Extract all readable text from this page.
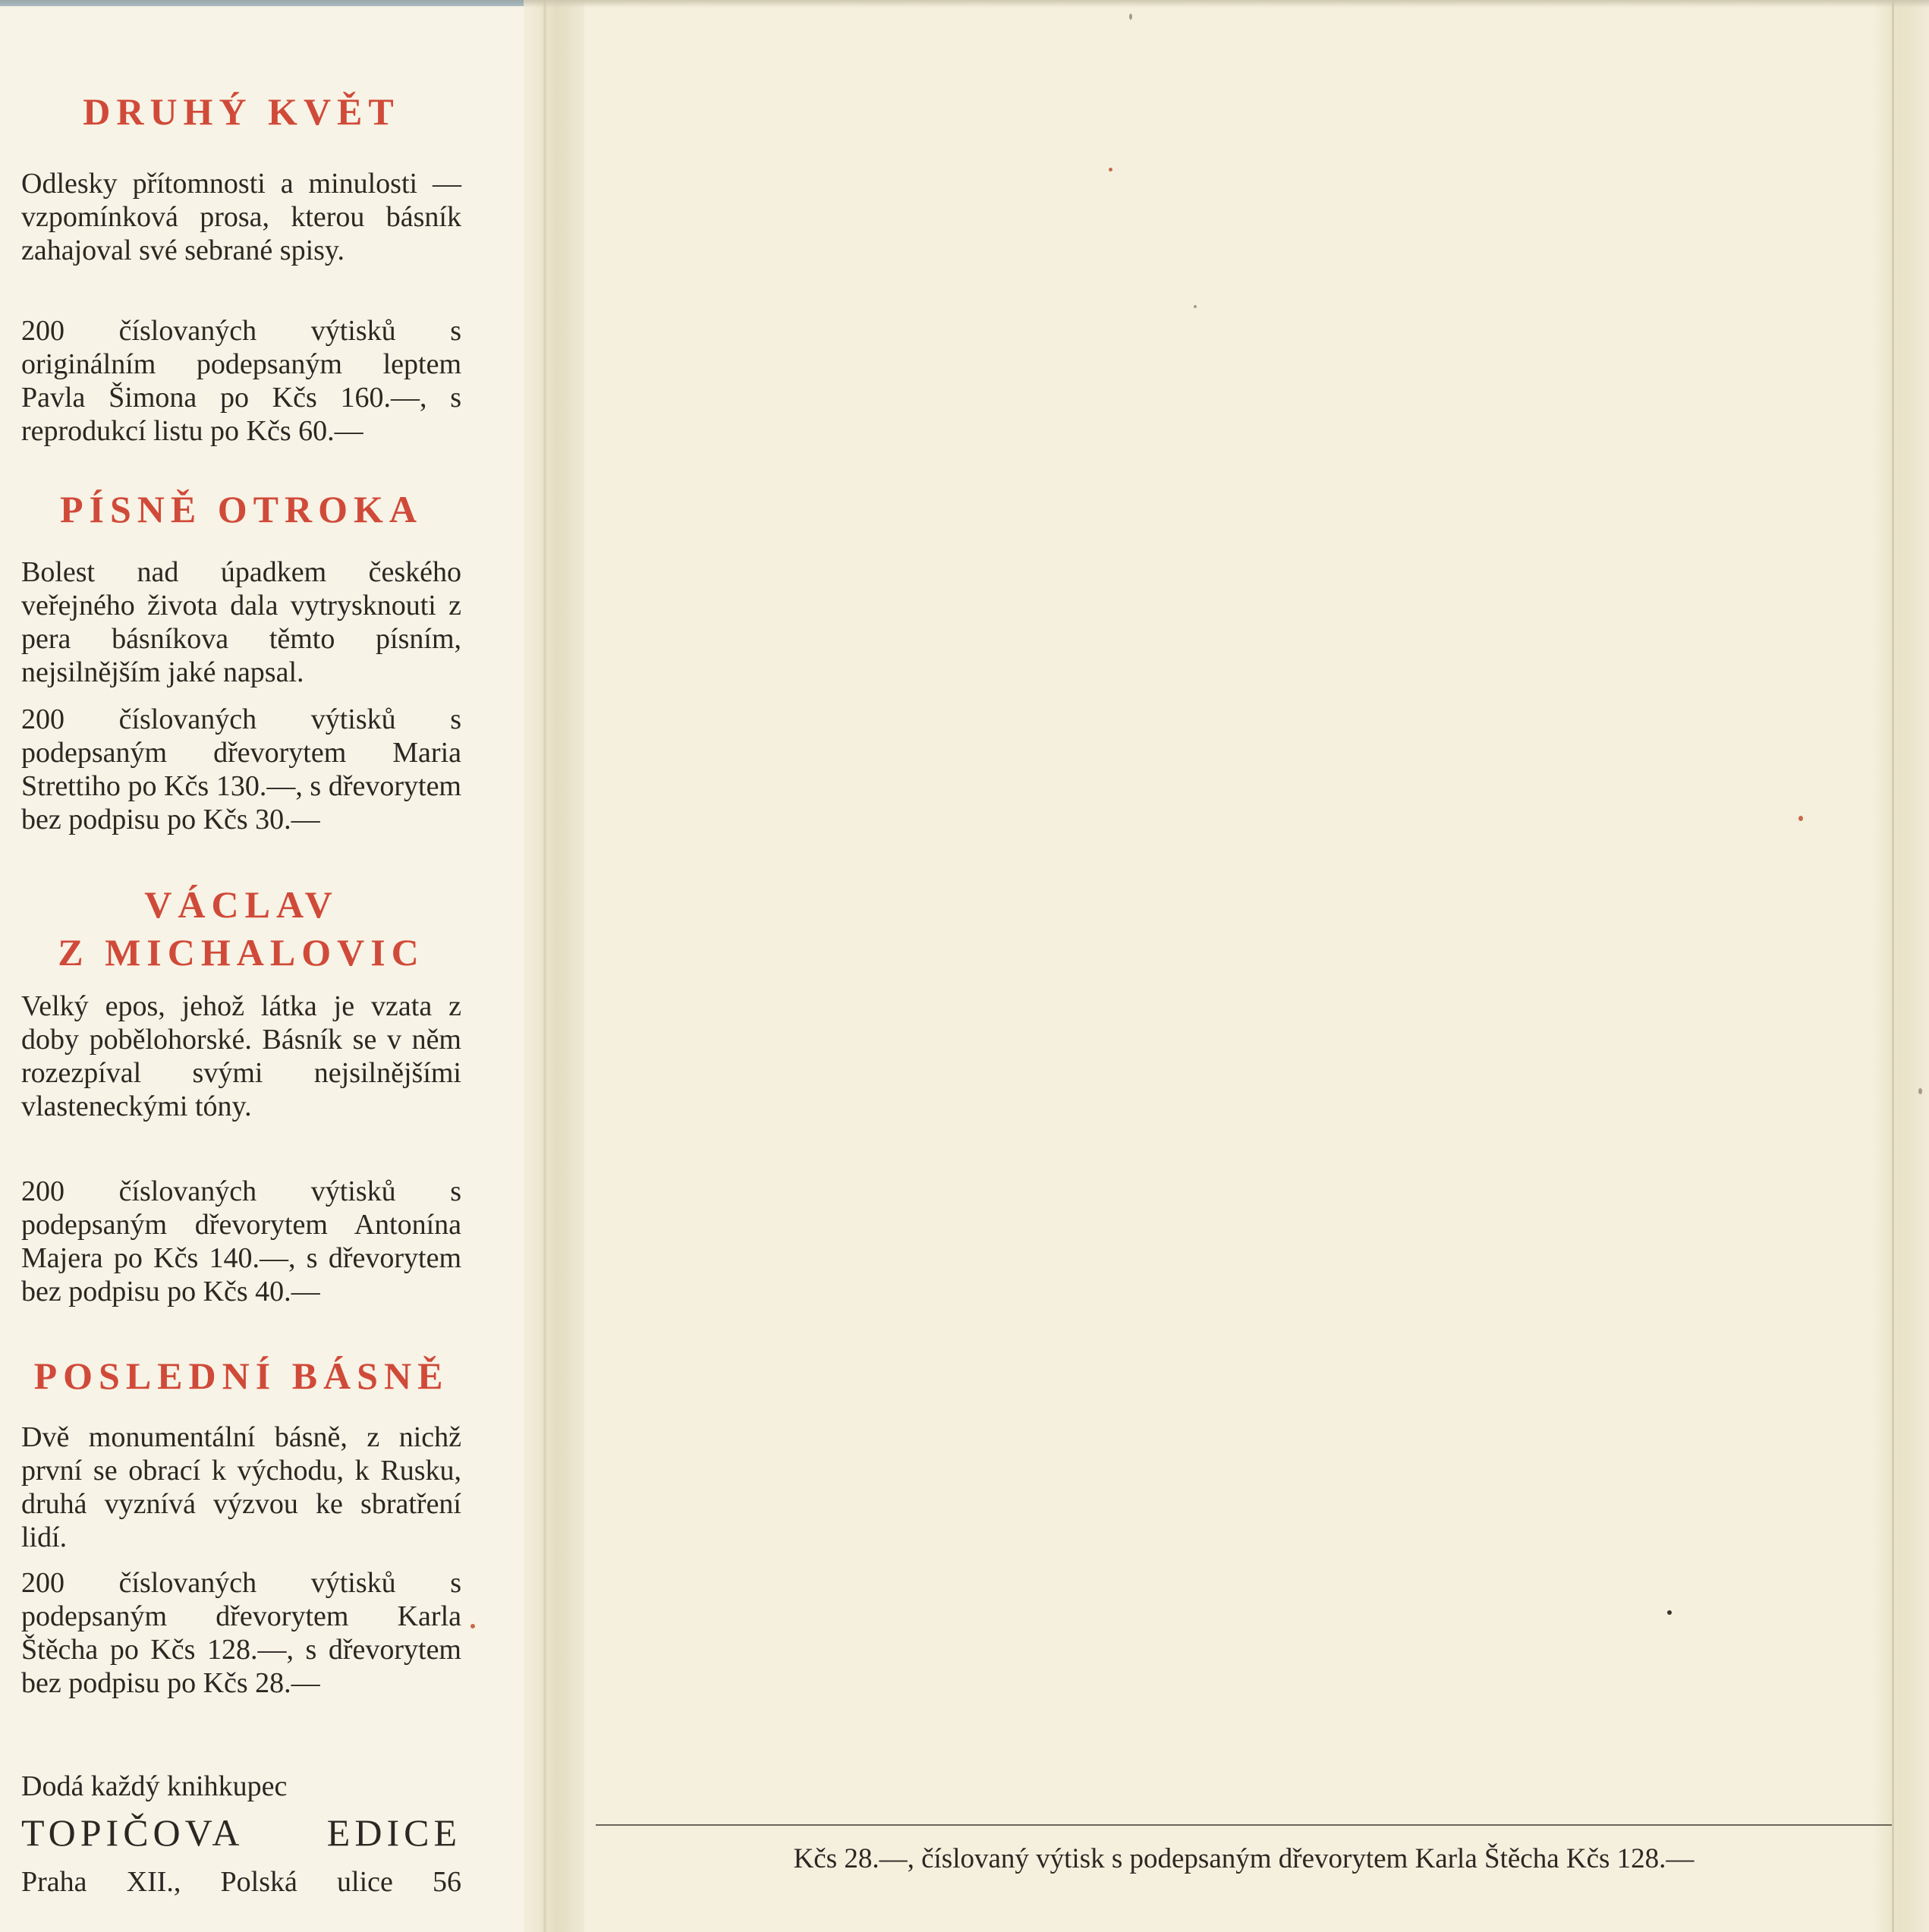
DRUHÝ KVĚT

Odlesky přítomnosti a minulosti — vzpomínková prosa, kterou básník zahajoval své sebrané spisy.

200 číslovaných výtisků s originálním podepsaným leptem Pavla Šimona po Kčs 160.—, s reprodukcí listu po Kčs 60.—

PÍSNĚ OTROKA

Bolest nad úpadkem českého veřejného života dala vytrysknouti z pera básníkova těmto písním, nejsilnějším jaké napsal.

200 číslovaných výtisků s podepsaným dřevorytem Maria Strettiho po Kčs 130.—, s dřevorytem bez podpisu po Kčs 30.—

VÁCLAV
Z MICHALOVIC

Velký epos, jehož látka je vzata z doby pobělohorské. Básník se v něm rozezpíval svými nejsilnějšími vlasteneckými tóny.

200 číslovaných výtisků s podepsaným dřevorytem Antonína Majera po Kčs 140.—, s dřevorytem bez podpisu po Kčs 40.—

POSLEDNÍ BÁSNĚ

Dvě monumentální básně, z nichž první se obrací k východu, k Rusku, druhá vyznívá výzvou ke sbratření lidí.

200 číslovaných výtisků s podepsaným dřevorytem Karla Štěcha po Kčs 128.—, s dřevorytem bez podpisu po Kčs 28.—

Dodá každý knihkupec

TOPIČOVA EDICE
Praha XII., Polská ulice 56
Kčs 28.—, číslovaný výtisk s podepsaným dřevorytem Karla Štěcha Kčs 128.—
